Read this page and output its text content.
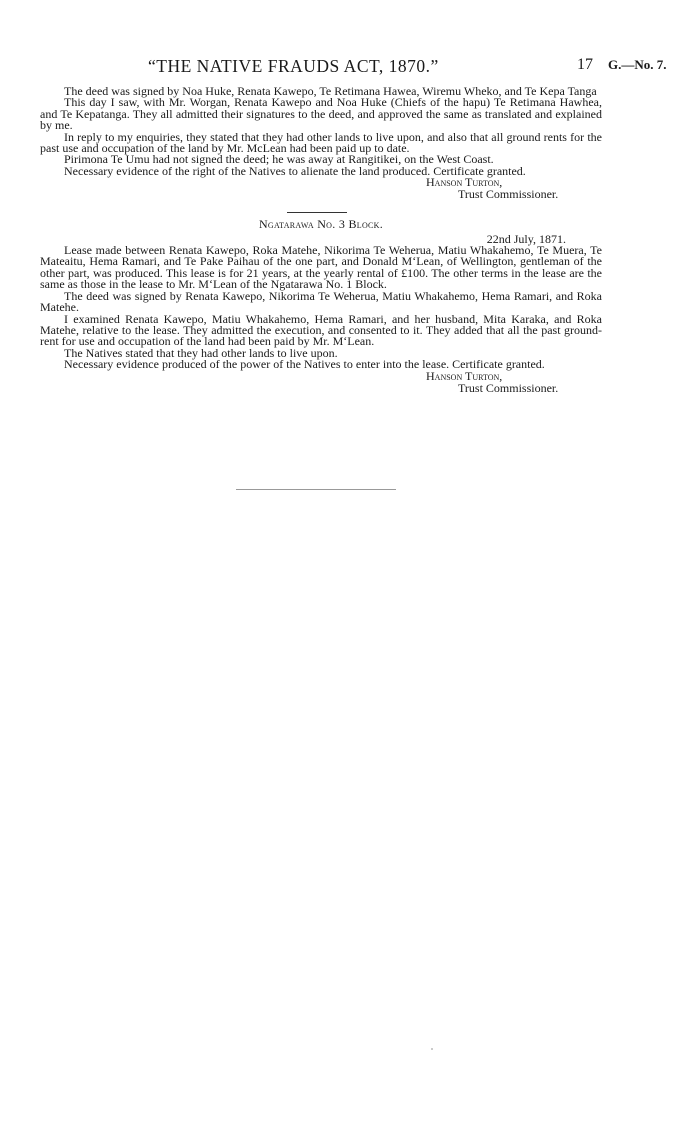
“THE NATIVE FRAUDS ACT, 1870.”	17 G.—No. 7.

The deed was signed by Noa Huke, Renata Kawepo, Te Retimana Hawea, Wiremu Wheko, and Te Kepa Tanga

This day I saw, with Mr. Worgan, Renata Kawepo and Noa Huke (Chiefs of the hapu) Te Retimana Hawhea, and Te Kepatanga. They all admitted their signatures to the deed, and approved the same as translated and explained by me.

In reply to my enquiries, they stated that they had other lands to live upon, and also that all ground rents for the past use and occupation of the land by Mr. McLean had been paid up to date.

Pirimona Te Umu had not signed the deed; he was away at Rangitikei, on the West Coast.

Necessary evidence of the right of the Natives to alienate the land produced. Certificate granted.

Hanson Turton,
Trust Commissioner.
Ngatarawa No. 3 Block.
22nd July, 1871.

Lease made between Renata Kawepo, Roka Matehe, Nikorima Te Weherua, Matiu Whakahemo, Te Muera, Te Mateaitu, Hema Ramari, and Te Pake Paihau of the one part, and Donald M‘Lean, of Wellington, gentleman of the other part, was produced. This lease is for 21 years, at the yearly rental of £100. The other terms in the lease are the same as those in the lease to Mr. M‘Lean of the Ngatarawa No. 1 Block.

The deed was signed by Renata Kawepo, Nikorima Te Weherua, Matiu Whakahemo, Hema Ramari, and Roka Matehe.

I examined Renata Kawepo, Matiu Whakahemo, Hema Ramari, and her husband, Mita Karaka, and Roka Matehe, relative to the lease. They admitted the execution, and consented to it. They added that all the past ground-rent for use and occupation of the land had been paid by Mr. M‘Lean.

The Natives stated that they had other lands to live upon.

Necessary evidence produced of the power of the Natives to enter into the lease. Certificate granted.

Hanson Turton,
Trust Commissioner.
